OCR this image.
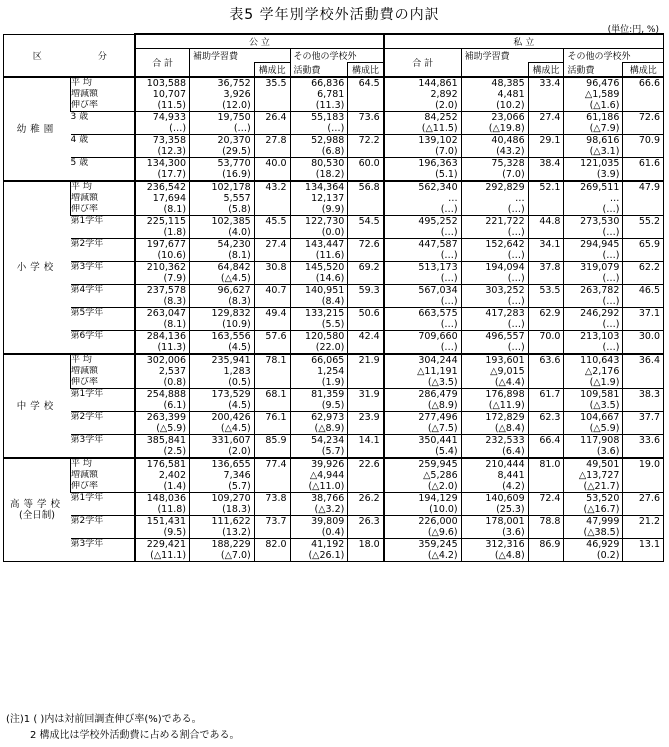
表5 学年別学校外活動費の内訳
(単位:円, %)
区	分	公 立					私 立				
		合 計	補助学習費		その他の学校外		合 計	補助学習費		その他の学校外	
				構成比	活動費	構成比			構成比	活動費	構成比

幼稚園	平 均	103,588	36,752	35.5	66,836	64.5	144,861	48,385	33.4	96,476	66.6
	増減額	10,707	3,926		6,781		2,892	4,481		△1,589	
	伸び率	(11.5)	(12.0)		(11.3)		(2.0)	(10.2)		(△1.6)	
	3 歳	74,933	19,750	26.4	55,183	73.6	84,252	23,066	27.4	61,186	72.6
		(…)	(…)		(…)		(△11.5)	(△19.8)		(△7.9)	
	4 歳	73,358	20,370	27.8	52,988	72.2	139,102	40,486	29.1	98,616	70.9
		(12.3)	(29.5)		(6.8)		(7.0)	(43.2)		(△3.1)	
	5 歳	134,300	53,770	40.0	80,530	60.0	196,363	75,328	38.4	121,035	61.6
		(17.7)	(16.9)		(18.2)		(5.1)	(7.0)		(3.9)	

小学校	平 均	236,542	102,178	43.2	134,364	56.8	562,340	292,829	52.1	269,511	47.9
	増減額	17,694	5,557		12,137		…	…		…	
	伸び率	(8.1)	(5.8)		(9.9)		(…)	(…)		(…)	
	第1学年	225,115	102,385	45.5	122,730	54.5	495,252	221,722	44.8	273,530	55.2
		(1.8)	(4.0)		(0.0)		(…)	(…)		(…)	
	第2学年	197,677	54,230	27.4	143,447	72.6	447,587	152,642	34.1	294,945	65.9
		(10.6)	(8.1)		(11.6)		(…)	(…)		(…)	
	第3学年	210,362	64,842	30.8	145,520	69.2	513,173	194,094	37.8	319,079	62.2
		(7.9)	(△4.5)		(14.6)		(…)	(…)		(…)	
	第4学年	237,578	96,627	40.7	140,951	59.3	567,034	303,252	53.5	263,782	46.5
		(8.3)	(8.3)		(8.4)		(…)	(…)		(…)	
	第5学年	263,047	129,832	49.4	133,215	50.6	663,575	417,283	62.9	246,292	37.1
		(8.1)	(10.9)		(5.5)		(…)	(…)		(…)	
	第6学年	284,136	163,556	57.6	120,580	42.4	709,660	496,557	70.0	213,103	30.0
		(11.3)	(4.5)		(22.0)		(…)	(…)		(…)	

中学校	平 均	302,006	235,941	78.1	66,065	21.9	304,244	193,601	63.6	110,643	36.4
	増減額	2,537	1,283		1,254		△11,191	△9,015		△2,176	
	伸び率	(0.8)	(0.5)		(1.9)		(△3.5)	(△4.4)		(△1.9)	
	第1学年	254,888	173,529	68.1	81,359	31.9	286,479	176,898	61.7	109,581	38.3
		(6.1)	(4.5)		(9.5)		(△8.9)	(△11.9)		(△3.5)	
	第2学年	263,399	200,426	76.1	62,973	23.9	277,496	172,829	62.3	104,667	37.7
		(△5.9)	(△4.5)		(△8.9)		(△7.5)	(△8.4)		(△5.9)	
	第3学年	385,841	331,607	85.9	54,234	14.1	350,441	232,533	66.4	117,908	33.6
		(2.5)	(2.0)		(5.7)		(5.4)	(6.4)		(3.6)	

高等学校
(全日制)	平 均	176,581	136,655	77.4	39,926	22.6	259,945	210,444	81.0	49,501	19.0
	増減額	2,402	7,346		△4,944		△5,286	8,441		△13,727	
	伸び率	(1.4)	(5.7)		(△11.0)		(△2.0)	(4.2)		(△21.7)	
	第1学年	148,036	109,270	73.8	38,766	26.2	194,129	140,609	72.4	53,520	27.6
		(11.8)	(18.3)		(△3.2)		(10.0)	(25.3)		(△16.7)	
	第2学年	151,431	111,622	73.7	39,809	26.3	226,000	178,001	78.8	47,999	21.2
		(9.5)	(13.2)		(0.4)		(△9.6)	(3.6)		(△38.5)	
	第3学年	229,421	188,229	82.0	41,192	18.0	359,245	312,316	86.9	46,929	13.1
		(△11.1)	(△7.0)		(△26.1)		(△4.2)	(△4.8)		(0.2)	
(注)1 ( )内は対前回調査伸び率(%)である。
2 構成比は学校外活動費に占める割合である。
